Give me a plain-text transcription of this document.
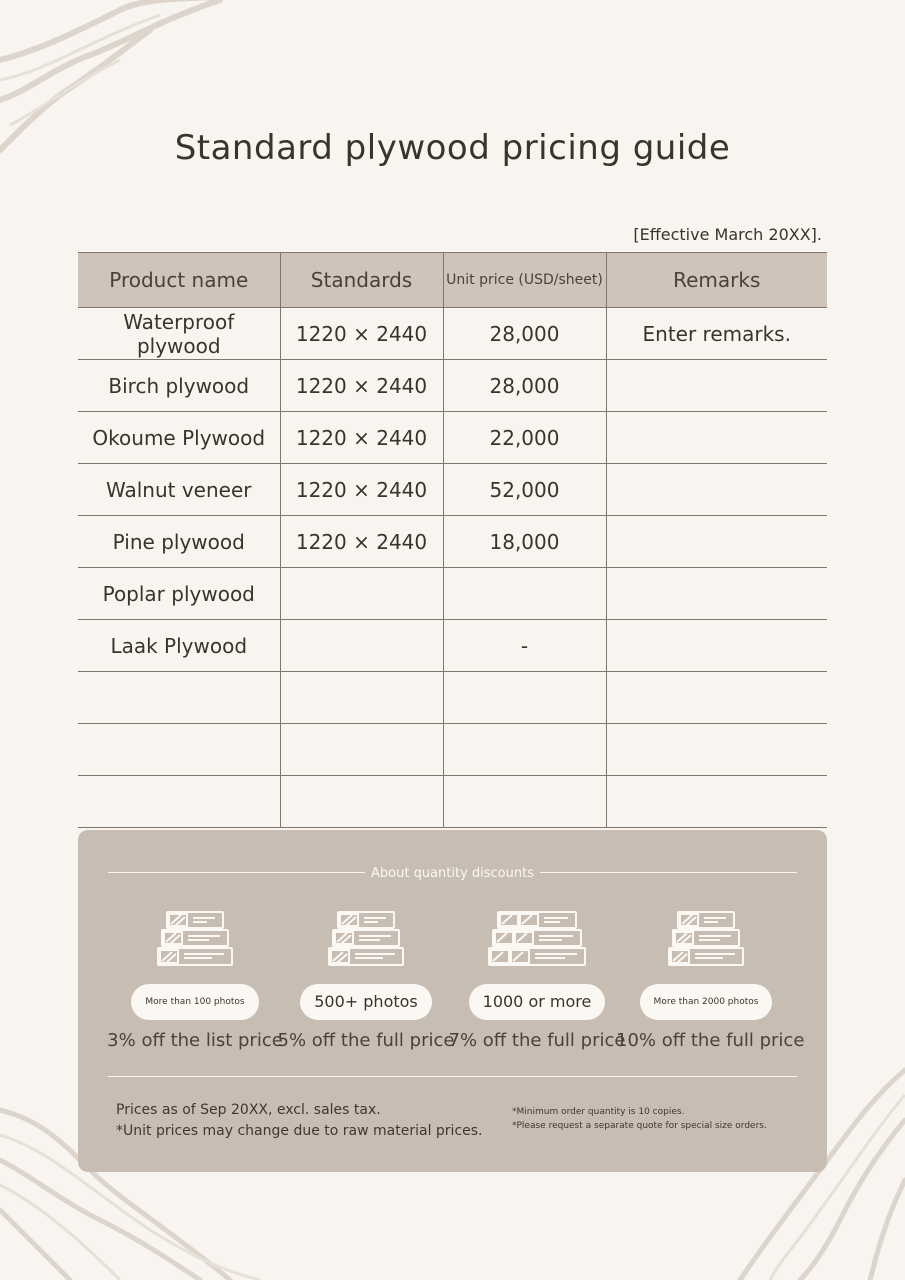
Standard plywood pricing guide
[Effective March 20XX].
Product name	Standards	Unit price (USD/sheet)	Remarks
Waterproof plywood	1220 × 2440	28,000	Enter remarks.
Birch plywood	1220 × 2440	28,000	
Okoume Plywood	1220 × 2440	22,000	
Walnut veneer	1220 × 2440	52,000	
Pine plywood	1220 × 2440	18,000	
Poplar plywood			
Laak Plywood		-	

About quantity discounts
More than 100 photos
3% off the list price
500+ photos
5% off the full price
1000 or more
7% off the full price
More than 2000 photos
10% off the full price
Prices as of Sep 20XX, excl. sales tax.
*Unit prices may change due to raw material prices.
*Minimum order quantity is 10 copies.
*Please request a separate quote for special size orders.
